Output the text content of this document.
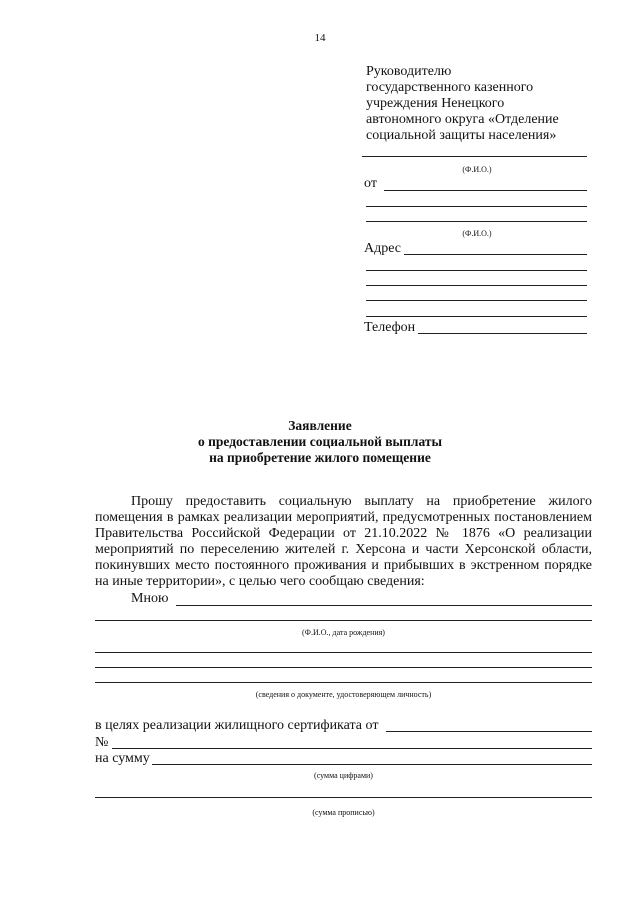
14
Руководителю
государственного казенного
учреждения Ненецкого
автономного округа «Отделение
социальной защиты населения»
(Ф.И.О.)
от
(Ф.И.О.)
Адрес
Телефон
Заявление
о предоставлении социальной выплаты
на приобретение жилого помещение
Прошу предоставить социальную выплату на приобретение жилого
помещения в рамках реализации мероприятий, предусмотренных постановлением
Правительства Российской Федерации от 21.10.2022 № 1876 «О реализации
мероприятий по переселению жителей г. Херсона и части Херсонской области,
покинувших место постоянного проживания и прибывших в экстренном порядке
на иные территории», с целью чего сообщаю сведения:
Мною
(Ф.И.О., дата рождения)
(сведения о документе, удостоверяющем личность)
в целях реализации жилищного сертификата от
№
на сумму
(сумма цифрами)
(сумма прописью)
